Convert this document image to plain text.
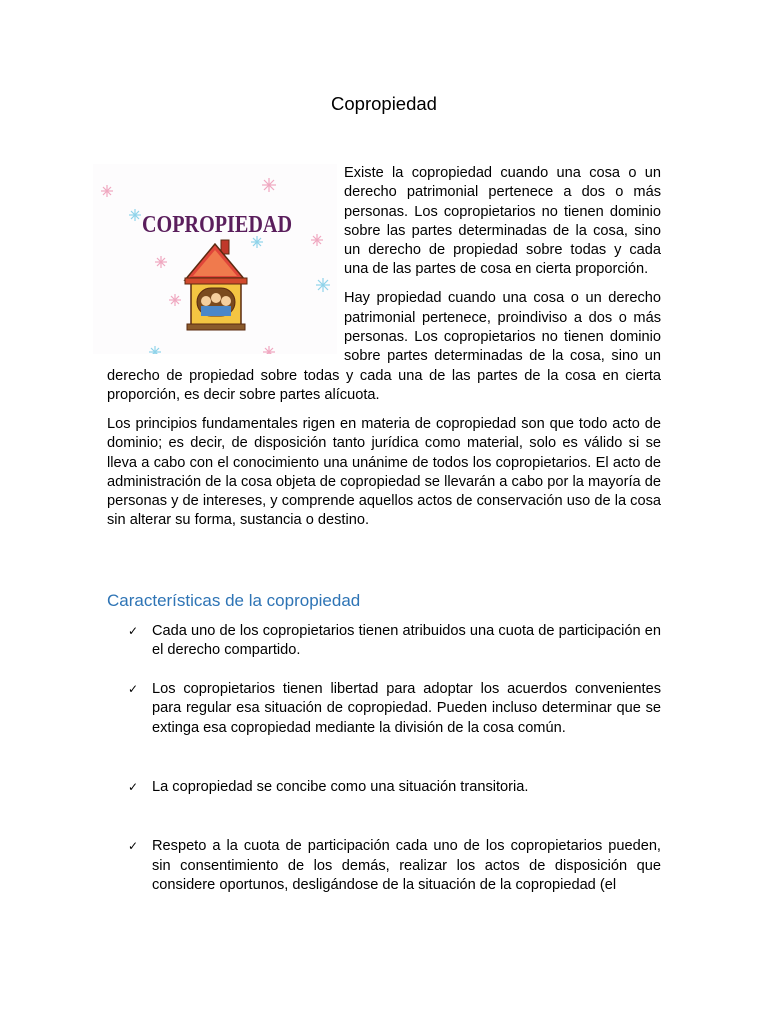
Copropiedad
COPROPIEDAD

Existe la copropiedad cuando una cosa o un derecho patrimonial pertenece a dos o más personas. Los copropietarios no tienen dominio sobre las partes determinadas de la cosa, sino un derecho de propiedad sobre todas y cada una de las partes de cosa en cierta proporción.

Hay propiedad cuando una cosa o un derecho patrimonial pertenece, proindiviso a dos o más personas. Los copropietarios no tienen dominio sobre partes determinadas de la cosa, sino un derecho de propiedad sobre todas y cada una de las partes de la cosa en cierta proporción, es decir sobre partes alícuota.

Los principios fundamentales rigen en materia de copropiedad son que todo acto de dominio; es decir, de disposición tanto jurídica como material, solo es válido si se lleva a cabo con el conocimiento una unánime de todos los copropietarios. El acto de administración de la cosa objeta de copropiedad se llevarán a cabo por la mayoría de personas y de intereses, y comprende aquellos actos de conservación uso de la cosa sin alterar su forma, sustancia o destino.

Características de la copropiedad
✓ Cada uno de los copropietarios tienen atribuidos una cuota de participación en el derecho compartido.
✓ Los copropietarios tienen libertad para adoptar los acuerdos convenientes para regular esa situación de copropiedad. Pueden incluso determinar que se extinga esa copropiedad mediante la división de la cosa común.
✓ La copropiedad se concibe como una situación transitoria.
✓ Respeto a la cuota de participación cada uno de los copropietarios pueden, sin consentimiento de los demás, realizar los actos de disposición que considere oportunos, desligándose de la situación de la copropiedad (el
